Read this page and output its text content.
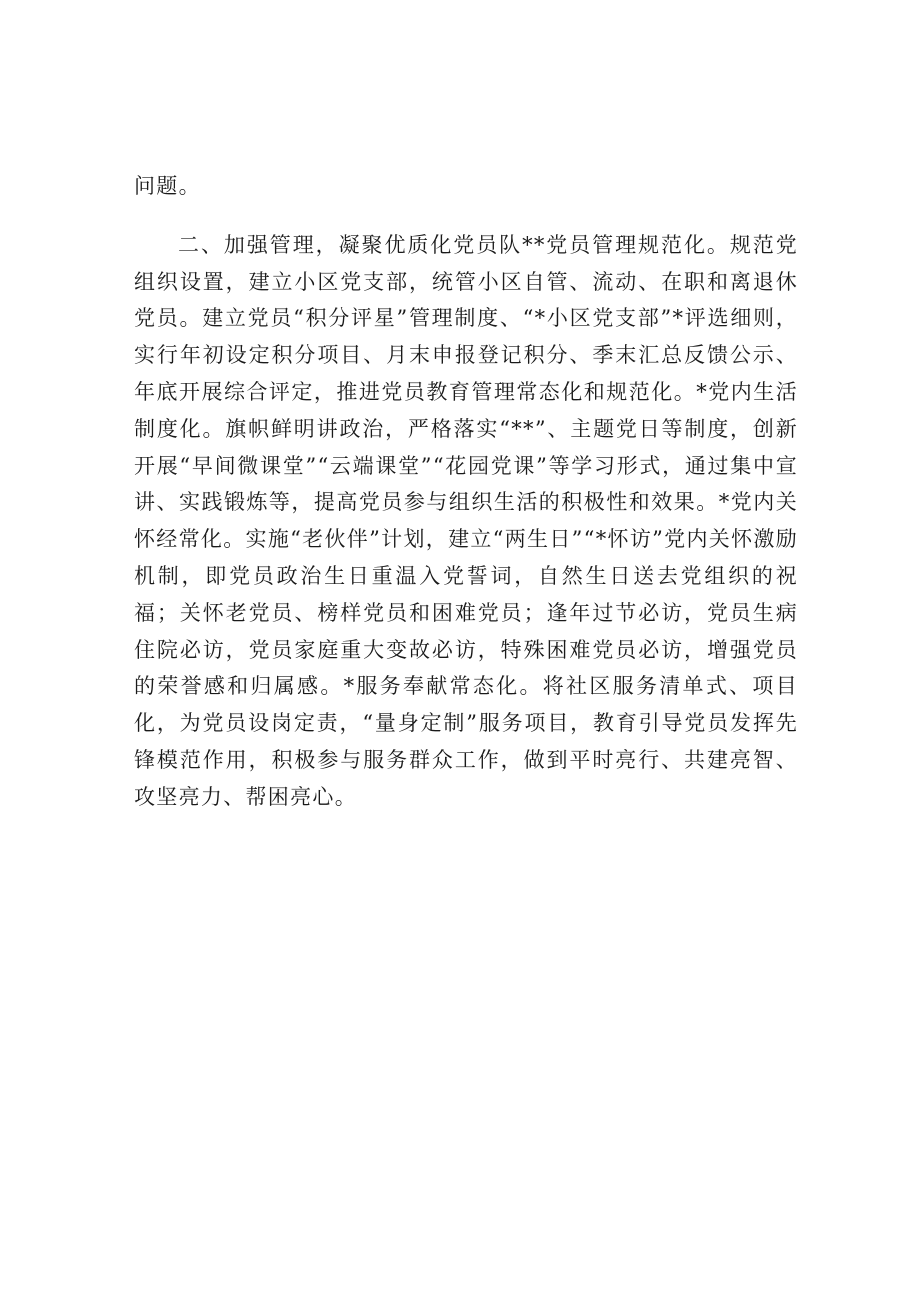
问题。

二、加强管理，凝聚优质化党员队**党员管理规范化。规范党组织设置，建立小区党支部，统管小区自管、流动、在职和离退休党员。建立党员“积分评星”管理制度、“*小区党支部”*评选细则，实行年初设定积分项目、月末申报登记积分、季末汇总反馈公示、年底开展综合评定，推进党员教育管理常态化和规范化。*党内生活制度化。旗帜鲜明讲政治，严格落实“**”、主题党日等制度，创新开展“早间微课堂”“云端课堂”“花园党课”等学习形式，通过集中宣讲、实践锻炼等，提高党员参与组织生活的积极性和效果。*党内关怀经常化。实施“老伙伴”计划，建立“两生日”“*怀访”党内关怀激励机制，即党员政治生日重温入党誓词，自然生日送去党组织的祝福；关怀老党员、榜样党员和困难党员；逢年过节必访，党员生病住院必访，党员家庭重大变故必访，特殊困难党员必访，增强党员的荣誉感和归属感。*服务奉献常态化。将社区服务清单式、项目化，为党员设岗定责，“量身定制”服务项目，教育引导党员发挥先锋模范作用，积极参与服务群众工作，做到平时亮行、共建亮智、攻坚亮力、帮困亮心。
